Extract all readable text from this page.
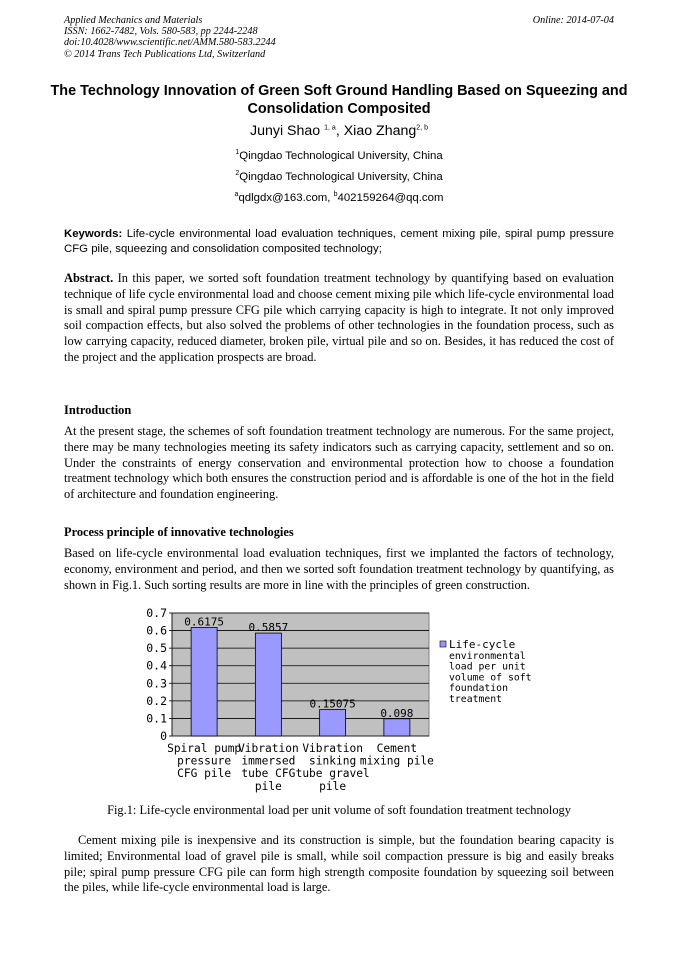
Applied Mechanics and Materials
ISSN: 1662-7482, Vols. 580-583, pp 2244-2248
doi:10.4028/www.scientific.net/AMM.580-583.2244
© 2014 Trans Tech Publications Ltd, Switzerland
Online: 2014-07-04
The Technology Innovation of Green Soft Ground Handling Based on Squeezing and Consolidation Composited
Junyi Shao $^{1, a}$, Xiao Zhang$^{2, b}$
$^1$Qingdao Technological University, China
$^2$Qingdao Technological University, China
$^a$qdlgdx@163.com, $^b$402159264@qq.com
Keywords: Life-cycle environmental load evaluation techniques, cement mixing pile, spiral pump pressure CFG pile, squeezing and consolidation composited technology;
Abstract. In this paper, we sorted soft foundation treatment technology by quantifying based on evaluation technique of life cycle environmental load and choose cement mixing pile which life-cycle environmental load is small and spiral pump pressure CFG pile which carrying capacity is high to integrate. It not only improved soil compaction effects, but also solved the problems of other technologies in the foundation process, such as low carrying capacity, reduced diameter, broken pile, virtual pile and so on. Besides, it has reduced the cost of the project and the application prospects are broad.
Introduction
At the present stage, the schemes of soft foundation treatment technology are numerous. For the same project, there may be many technologies meeting its safety indicators such as carrying capacity, settlement and so on. Under the constraints of energy conservation and environmental protection how to choose a foundation treatment technology which both ensures the construction period and is affordable is one of the hot in the field of architecture and foundation engineering.
Process principle of innovative technologies
Based on life-cycle environmental load evaluation techniques, first we implanted the factors of technology, economy, environment and period, and then we sorted soft foundation treatment technology by quantifying, as shown in Fig.1. Such sorting results are more in line with the principles of green construction.
0
0.1
0.2
0.3
0.4
0.5
0.6
0.7
0.6175
Spiral pump
pressure
CFG pile
0.5857
Vibration
immersed
tube CFG
pile
0.15075
Vibration
sinking
tube gravel
pile
0.098
Cement
mixing pile
Life-cycle
environmental
load per unit
volume of soft
foundation
treatment
Fig.1: Life-cycle environmental load per unit volume of soft foundation treatment technology
Cement mixing pile is inexpensive and its construction is simple, but the foundation bearing capacity is limited; Environmental load of gravel pile is small, while soil compaction pressure is big and easily breaks pile; spiral pump pressure CFG pile can form high strength composite foundation by squeezing soil between the piles, while life-cycle environmental load is large.
